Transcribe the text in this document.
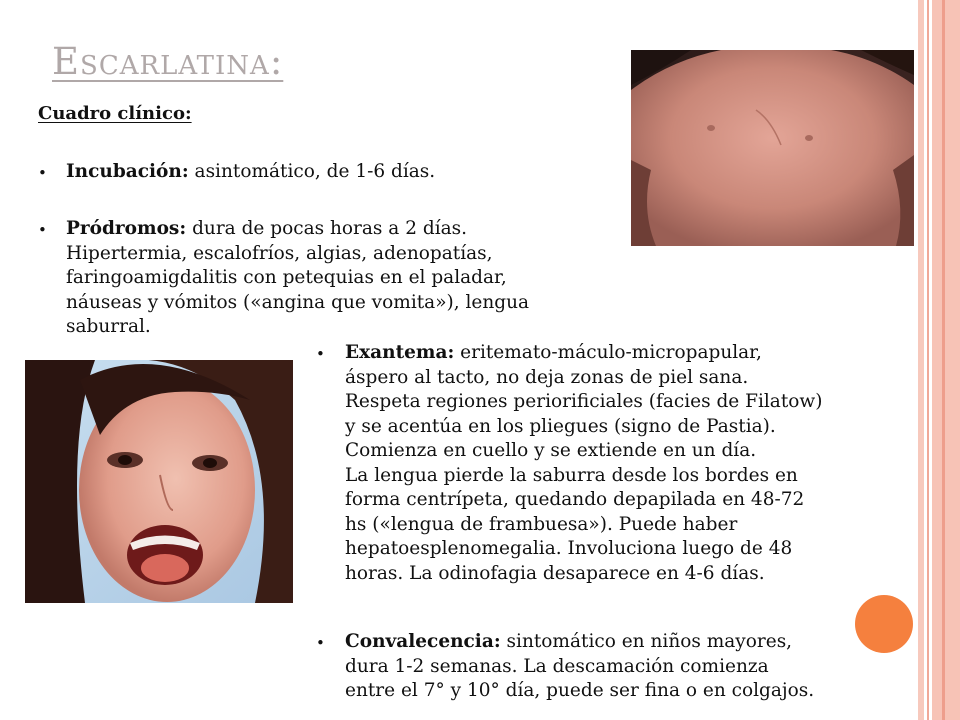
Escarlatina:
Cuadro clínico:
• Incubación: asintomático, de 1-6 días.
• Pródromos: dura de pocas horas a 2 días.
Hipertermia, escalofríos, algias, adenopatías,
faringoamigdalitis con petequias en el paladar,
náuseas y vómitos («angina que vomita»), lengua
saburral.
• Exantema: eritemato-máculo-micropapular,
áspero al tacto, no deja zonas de piel sana.
Respeta regiones periorificiales (facies de Filatow)
y se acentúa en los pliegues (signo de Pastia).
Comienza en cuello y se extiende en un día.
La lengua pierde la saburra desde los bordes en
forma centrípeta, quedando depapilada en 48-72
hs («lengua de frambuesa»). Puede haber
hepatoesplenomegalia. Involuciona luego de 48
horas. La odinofagia desaparece en 4-6 días.
• Convalecencia: sintomático en niños mayores,
dura 1-2 semanas. La descamación comienza
entre el 7° y 10° día, puede ser fina o en colgajos.
